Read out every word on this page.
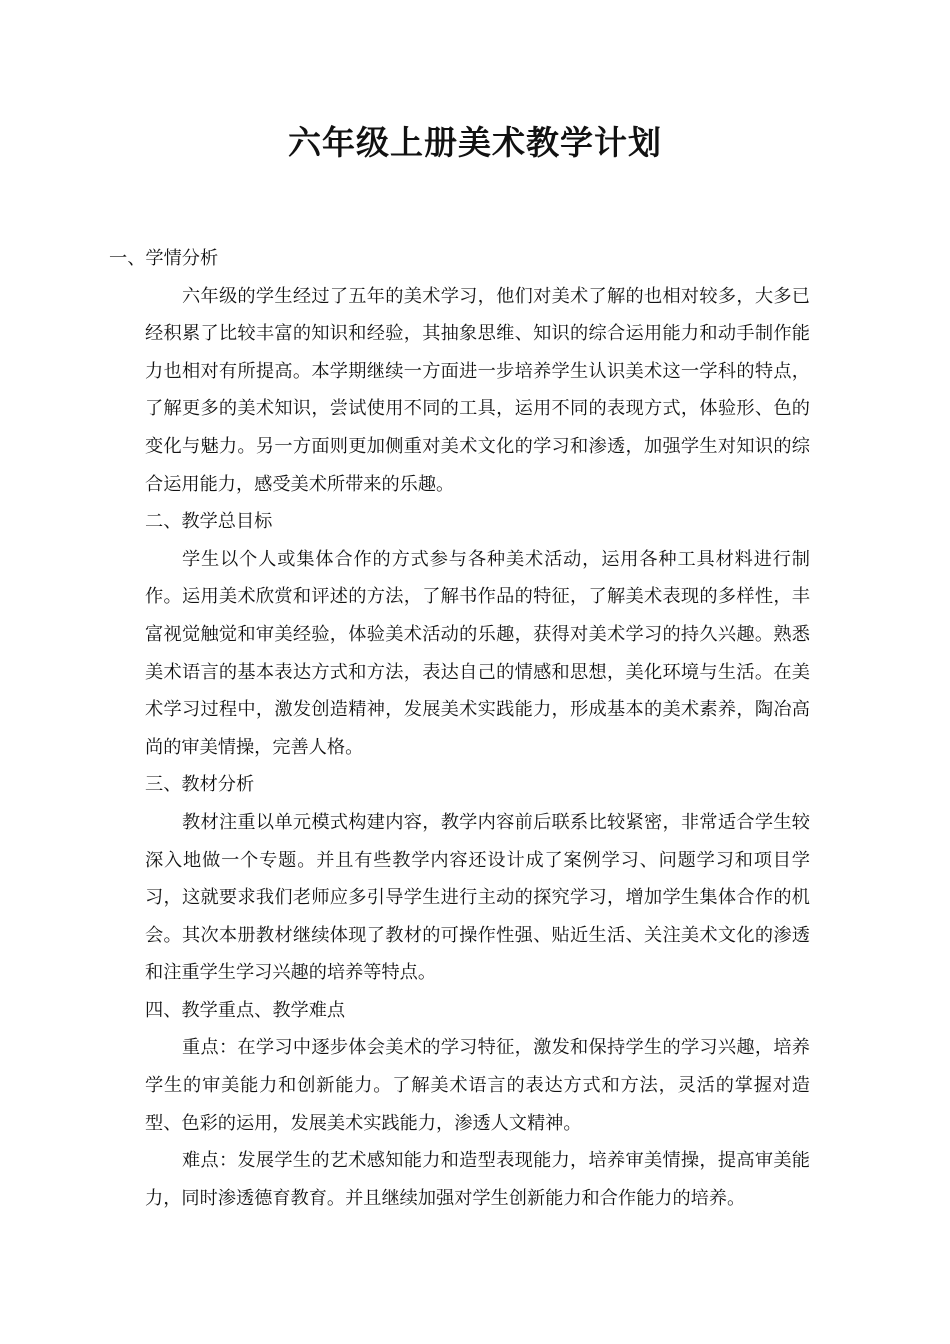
六年级上册美术教学计划
一、学情分析

六年级的学生经过了五年的美术学习，他们对美术了解的也相对较多，大多已经积累了比较丰富的知识和经验，其抽象思维、知识的综合运用能力和动手制作能力也相对有所提高。本学期继续一方面进一步培养学生认识美术这一学科的特点，了解更多的美术知识，尝试使用不同的工具，运用不同的表现方式，体验形、色的变化与魅力。另一方面则更加侧重对美术文化的学习和渗透，加强学生对知识的综合运用能力，感受美术所带来的乐趣。

二、教学总目标

学生以个人或集体合作的方式参与各种美术活动，运用各种工具材料进行制作。运用美术欣赏和评述的方法，了解书作品的特征，了解美术表现的多样性，丰富视觉触觉和审美经验，体验美术活动的乐趣，获得对美术学习的持久兴趣。熟悉美术语言的基本表达方式和方法，表达自己的情感和思想，美化环境与生活。在美术学习过程中，激发创造精神，发展美术实践能力，形成基本的美术素养，陶冶高尚的审美情操，完善人格。

三、教材分析

教材注重以单元模式构建内容，教学内容前后联系比较紧密，非常适合学生较深入地做一个专题。并且有些教学内容还设计成了案例学习、问题学习和项目学习，这就要求我们老师应多引导学生进行主动的探究学习，增加学生集体合作的机会。其次本册教材继续体现了教材的可操作性强、贴近生活、关注美术文化的渗透和注重学生学习兴趣的培养等特点。

四、教学重点、教学难点

重点：在学习中逐步体会美术的学习特征，激发和保持学生的学习兴趣，培养学生的审美能力和创新能力。了解美术语言的表达方式和方法，灵活的掌握对造型、色彩的运用，发展美术实践能力，渗透人文精神。

难点：发展学生的艺术感知能力和造型表现能力，培养审美情操，提高审美能力，同时渗透德育教育。并且继续加强对学生创新能力和合作能力的培养。
